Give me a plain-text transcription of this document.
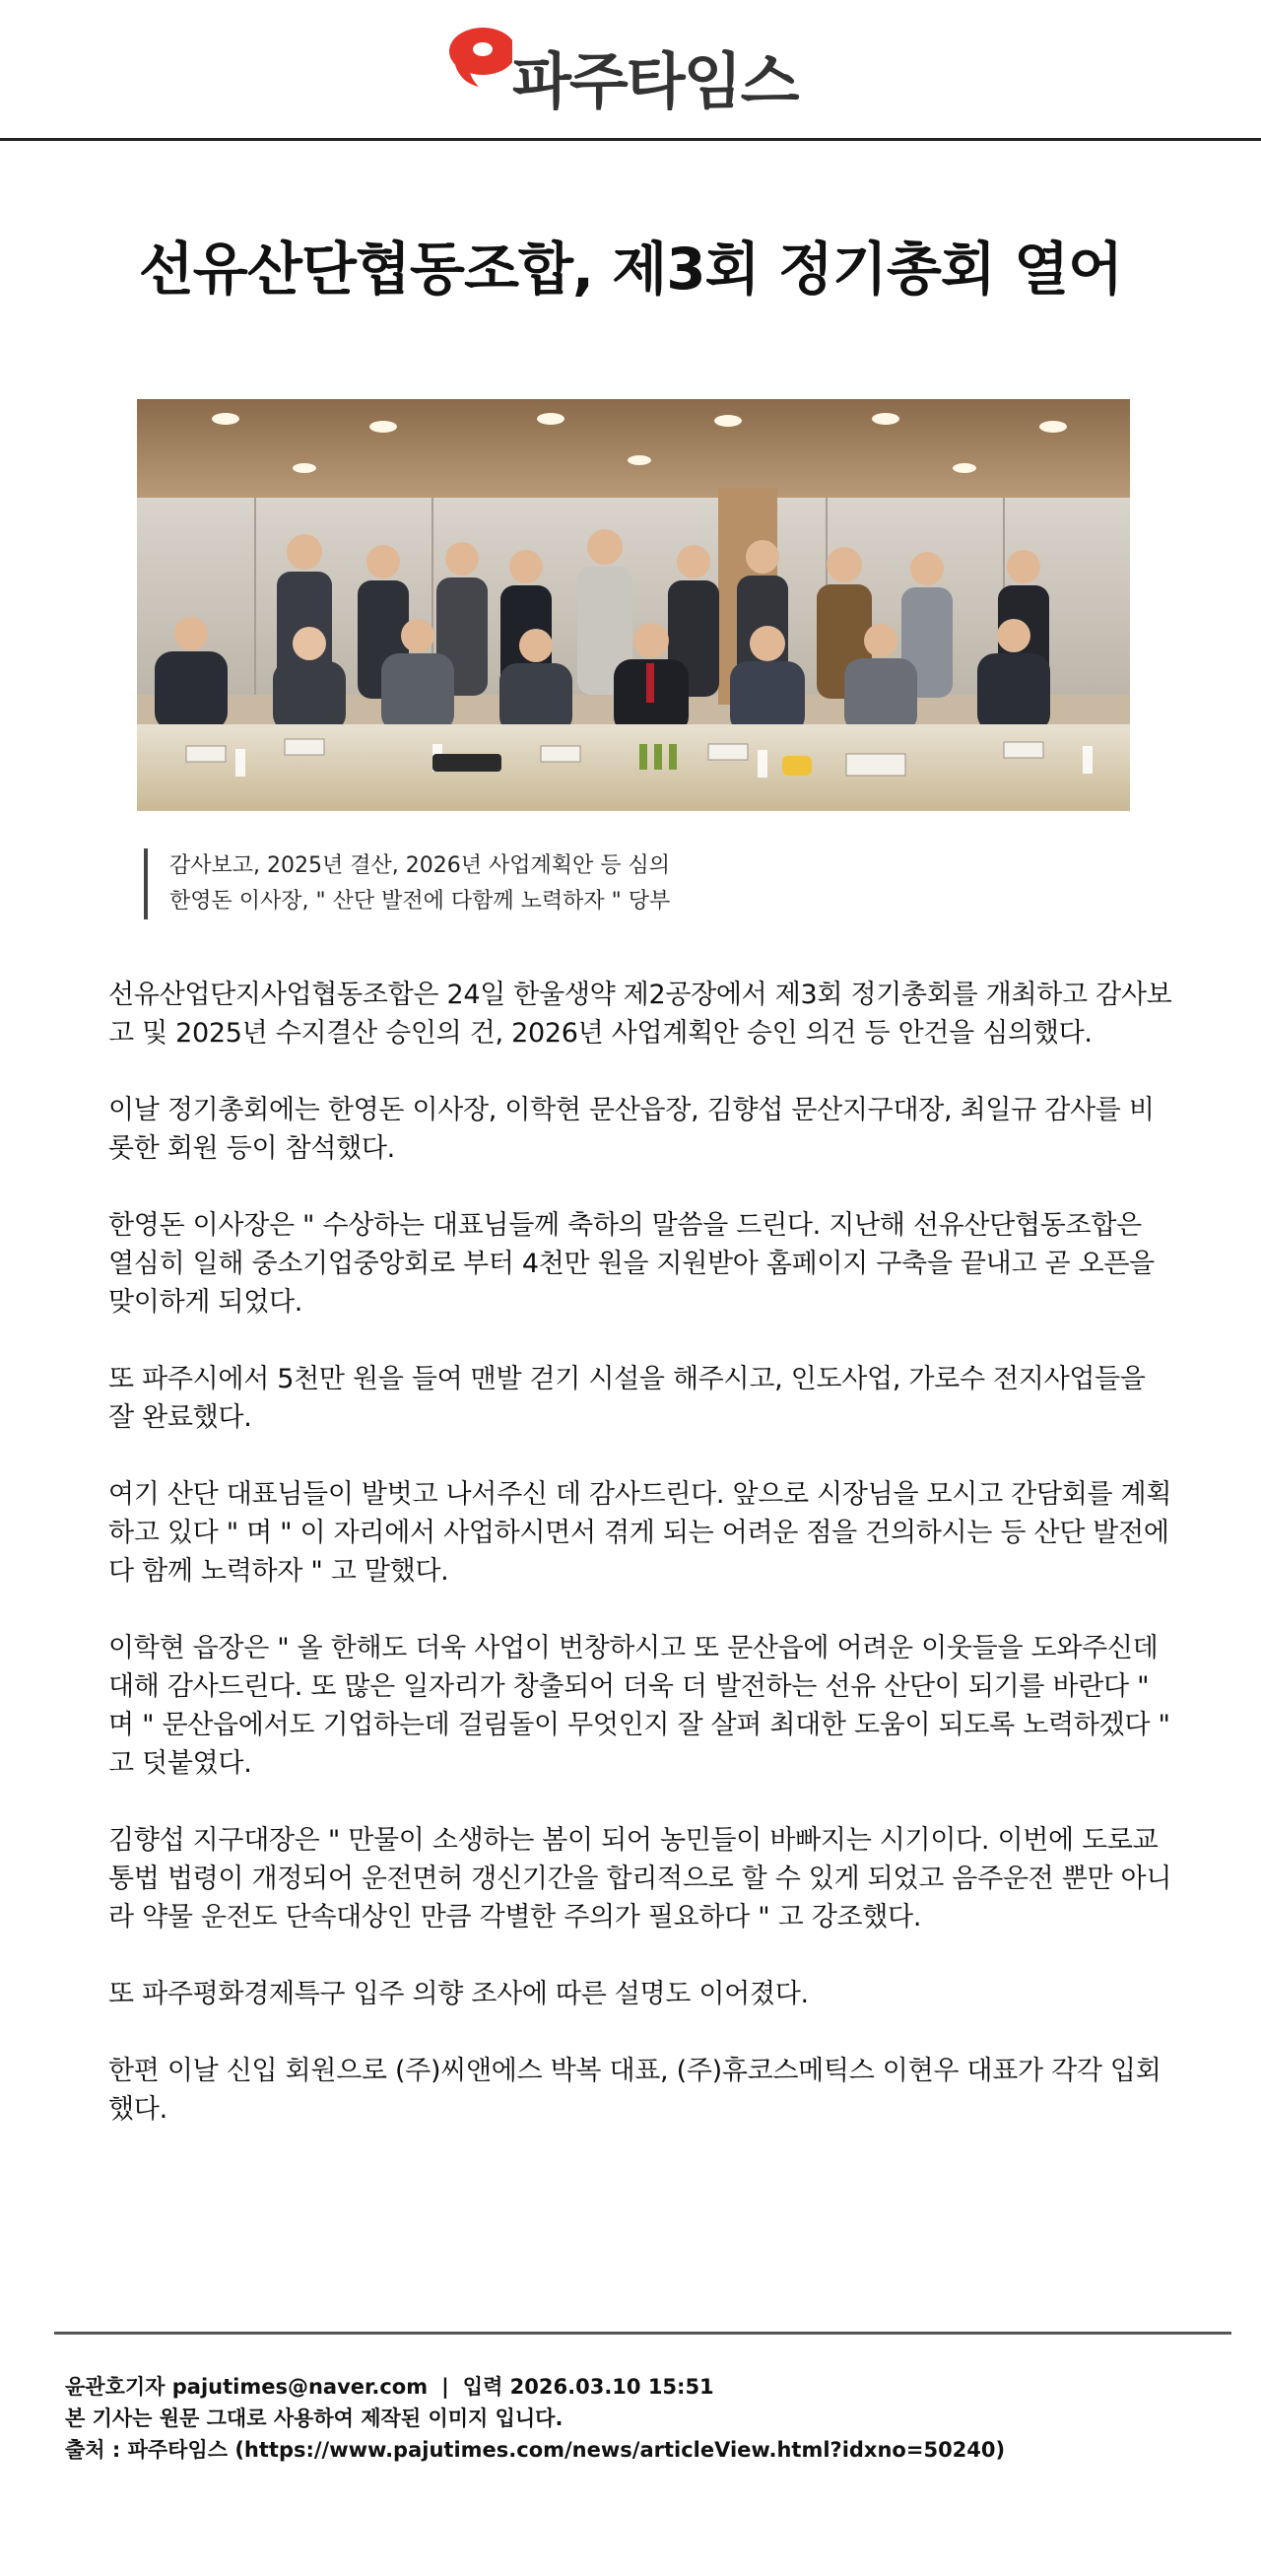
파주타임스
선유산단협동조합, 제3회 정기총회 열어
감사보고, 2025년 결산, 2026년 사업계획안 등 심의
한영돈 이사장, " 산단 발전에 다함께 노력하자 " 당부

선유산업단지사업협동조합은 24일 한울생약 제2공장에서 제3회 정기총회를 개최하고 감사보고 및 2025년 수지결산 승인의 건, 2026년 사업계획안 승인 의건 등 안건을 심의했다.

이날 정기총회에는 한영돈 이사장, 이학현 문산읍장, 김향섭 문산지구대장, 최일규 감사를 비롯한 회원 등이 참석했다.

한영돈 이사장은 " 수상하는 대표님들께 축하의 말씀을 드린다. 지난해 선유산단협동조합은 열심히 일해 중소기업중앙회로 부터 4천만 원을 지원받아 홈페이지 구축을 끝내고 곧 오픈을 맞이하게 되었다.

또 파주시에서 5천만 원을 들여 맨발 걷기 시설을 해주시고, 인도사업, 가로수 전지사업들을 잘 완료했다.

여기 산단 대표님들이 발벗고 나서주신 데 감사드린다. 앞으로 시장님을 모시고 간담회를 계획하고 있다 " 며 " 이 자리에서 사업하시면서 겪게 되는 어려운 점을 건의하시는 등 산단 발전에 다 함께 노력하자 " 고 말했다.

이학현 읍장은 " 올 한해도 더욱 사업이 번창하시고 또 문산읍에 어려운 이웃들을 도와주신데 대해 감사드린다. 또 많은 일자리가 창출되어 더욱 더 발전하는 선유 산단이 되기를 바란다 " 며 " 문산읍에서도 기업하는데 걸림돌이 무엇인지 잘 살펴 최대한 도움이 되도록 노력하겠다 " 고 덧붙였다.

김향섭 지구대장은 " 만물이 소생하는 봄이 되어 농민들이 바빠지는 시기이다. 이번에 도로교통법 법령이 개정되어 운전면허 갱신기간을 합리적으로 할 수 있게 되었고 음주운전 뿐만 아니라 약물 운전도 단속대상인 만큼 각별한 주의가 필요하다 " 고 강조했다.

또 파주평화경제특구 입주 의향 조사에 따른 설명도 이어졌다.

한편 이날 신입 회원으로 (주)씨앤에스 박복 대표, (주)휴코스메틱스 이현우 대표가 각각 입회했다.

윤관호기자 pajutimes@naver.com | 입력 2026.03.10 15:51
본 기사는 원문 그대로 사용하여 제작된 이미지 입니다.
출처 : 파주타임스 (https://www.pajutimes.com/news/articleView.html?idxno=50240)
